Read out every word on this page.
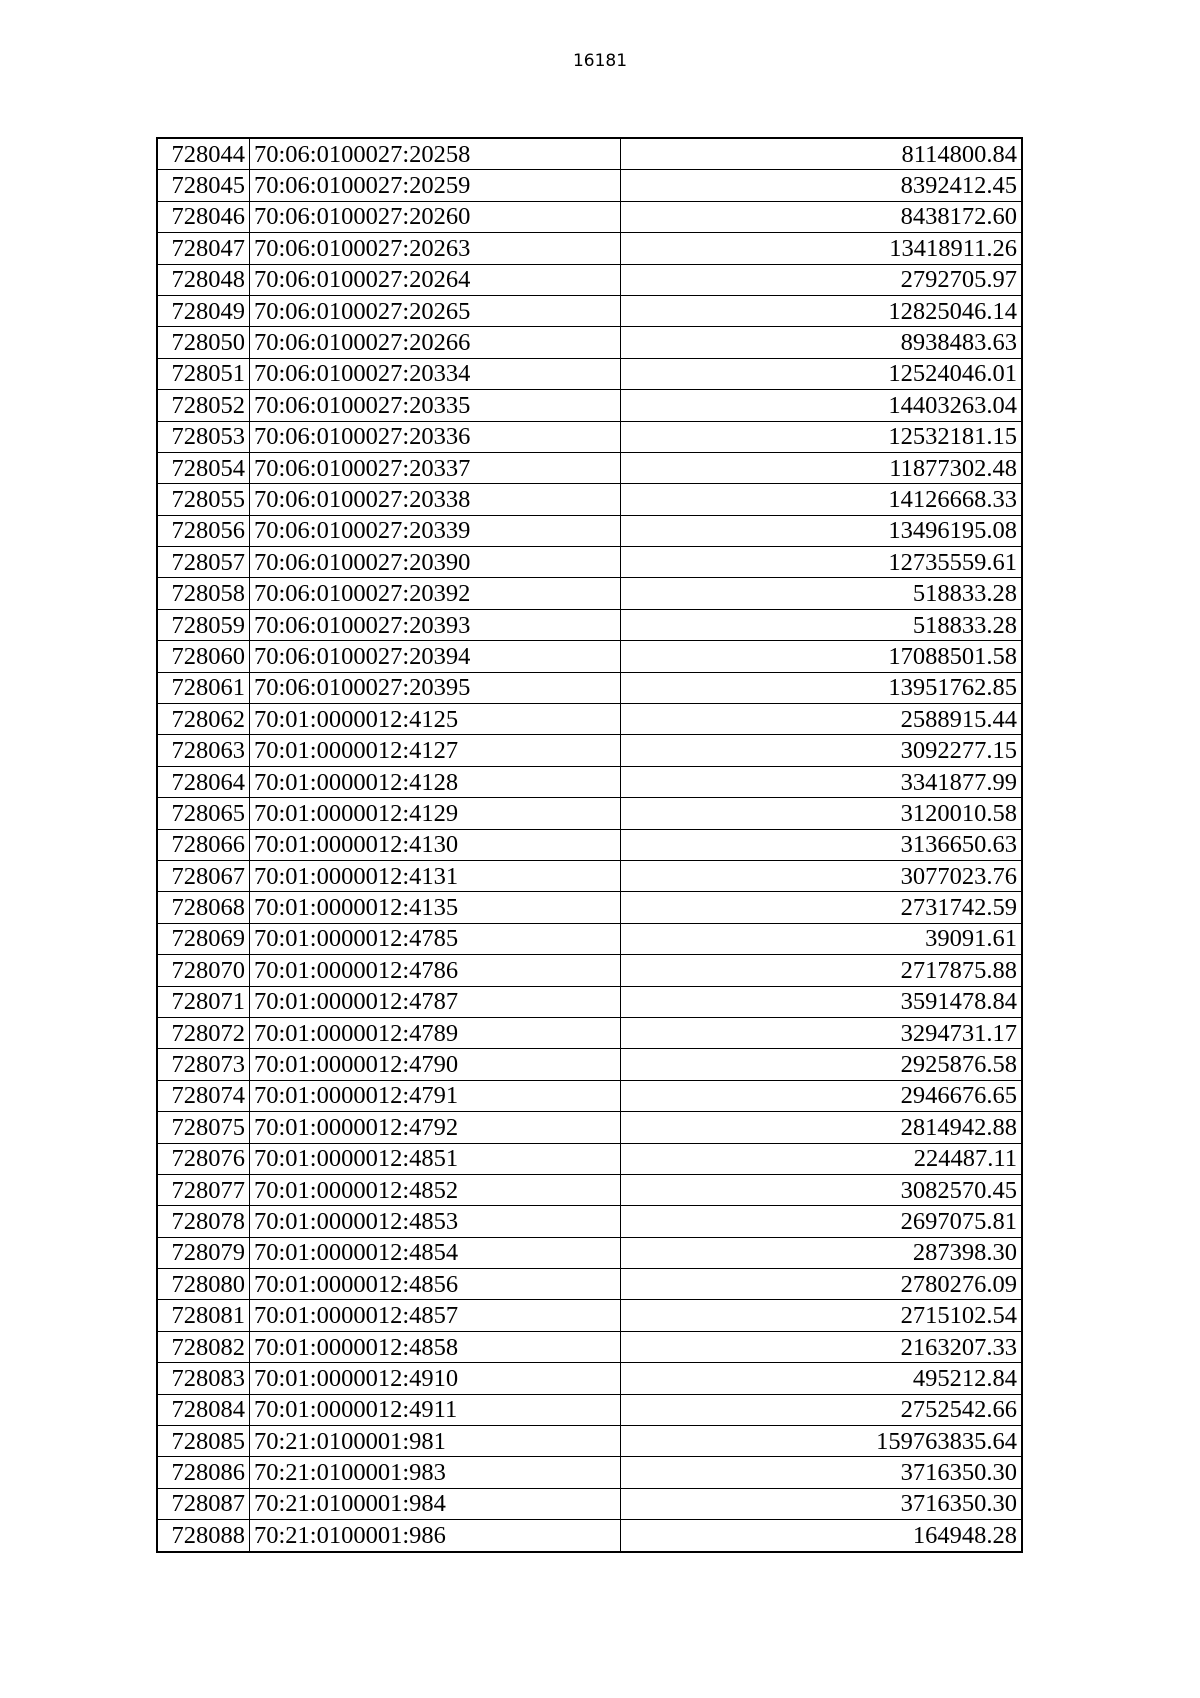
16181
728044	70:06:0100027:20258	8114800.84
728045	70:06:0100027:20259	8392412.45
728046	70:06:0100027:20260	8438172.60
728047	70:06:0100027:20263	13418911.26
728048	70:06:0100027:20264	2792705.97
728049	70:06:0100027:20265	12825046.14
728050	70:06:0100027:20266	8938483.63
728051	70:06:0100027:20334	12524046.01
728052	70:06:0100027:20335	14403263.04
728053	70:06:0100027:20336	12532181.15
728054	70:06:0100027:20337	11877302.48
728055	70:06:0100027:20338	14126668.33
728056	70:06:0100027:20339	13496195.08
728057	70:06:0100027:20390	12735559.61
728058	70:06:0100027:20392	518833.28
728059	70:06:0100027:20393	518833.28
728060	70:06:0100027:20394	17088501.58
728061	70:06:0100027:20395	13951762.85
728062	70:01:0000012:4125	2588915.44
728063	70:01:0000012:4127	3092277.15
728064	70:01:0000012:4128	3341877.99
728065	70:01:0000012:4129	3120010.58
728066	70:01:0000012:4130	3136650.63
728067	70:01:0000012:4131	3077023.76
728068	70:01:0000012:4135	2731742.59
728069	70:01:0000012:4785	39091.61
728070	70:01:0000012:4786	2717875.88
728071	70:01:0000012:4787	3591478.84
728072	70:01:0000012:4789	3294731.17
728073	70:01:0000012:4790	2925876.58
728074	70:01:0000012:4791	2946676.65
728075	70:01:0000012:4792	2814942.88
728076	70:01:0000012:4851	224487.11
728077	70:01:0000012:4852	3082570.45
728078	70:01:0000012:4853	2697075.81
728079	70:01:0000012:4854	287398.30
728080	70:01:0000012:4856	2780276.09
728081	70:01:0000012:4857	2715102.54
728082	70:01:0000012:4858	2163207.33
728083	70:01:0000012:4910	495212.84
728084	70:01:0000012:4911	2752542.66
728085	70:21:0100001:981	159763835.64
728086	70:21:0100001:983	3716350.30
728087	70:21:0100001:984	3716350.30
728088	70:21:0100001:986	164948.28
